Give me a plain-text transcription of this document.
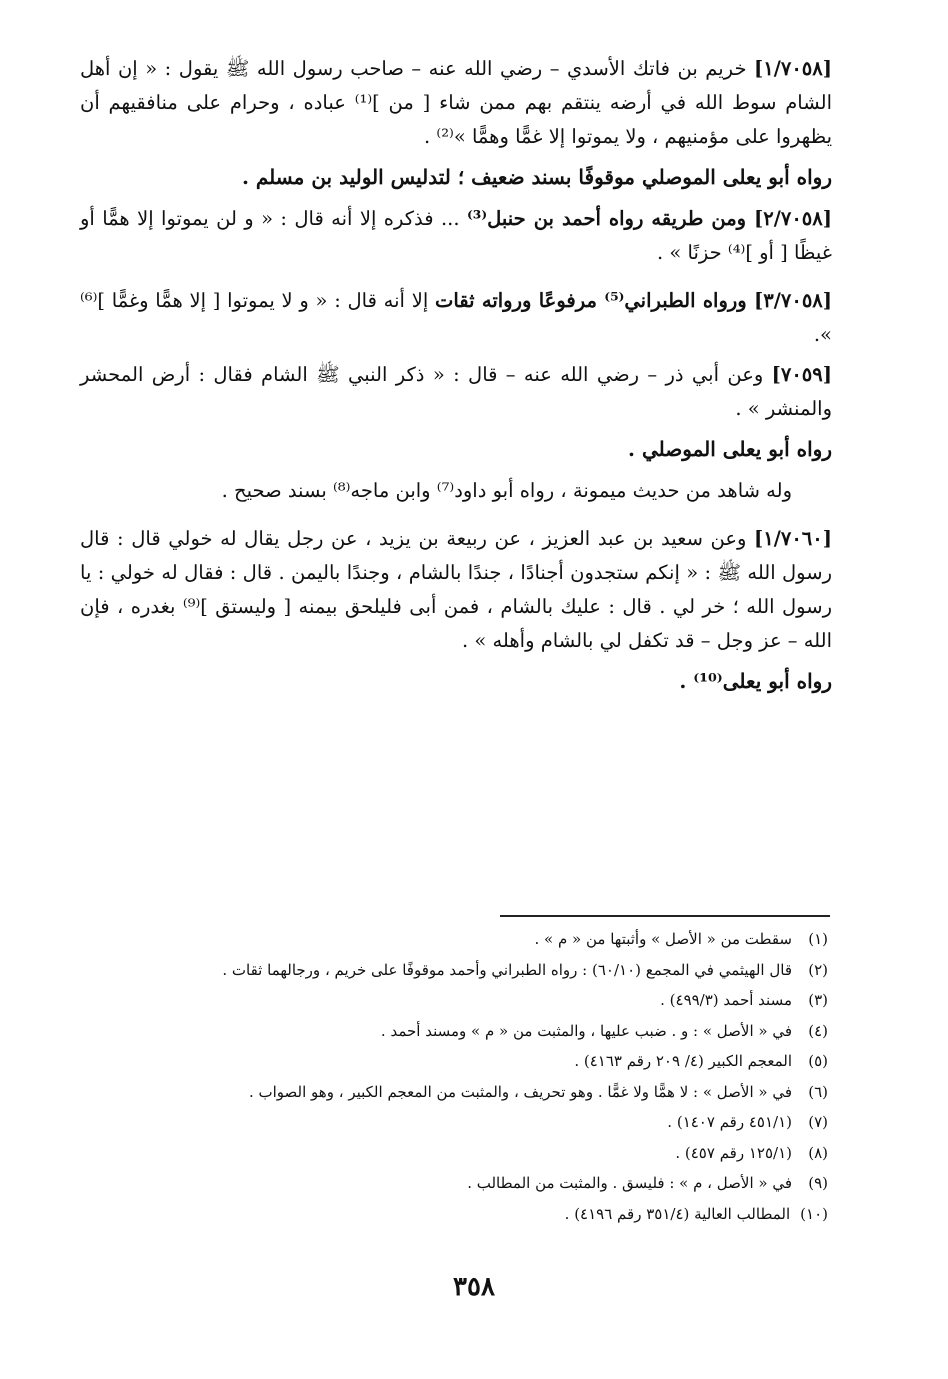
[١/٧٠٥٨] خريم بن فاتك الأسدي – رضي الله عنه – صاحب رسول الله ﷺ يقول : « إن أهل الشام سوط الله في أرضه ينتقم بهم ممن شاء [ من ]⁽¹⁾ عباده ، وحرام على منافقيهم أن يظهروا على مؤمنيهم ، ولا يموتوا إلا غمًّا وهمًّا »⁽²⁾ .

رواه أبو يعلى الموصلي موقوفًا بسند ضعيف ؛ لتدليس الوليد بن مسلم .

[٢/٧٠٥٨] ومن طريقه رواه أحمد بن حنبل⁽³⁾ ... فذكره إلا أنه قال : « و لن يموتوا إلا همًّا أو غيظًا [ أو ]⁽⁴⁾ حزنًا » .

[٣/٧٠٥٨] ورواه الطبراني⁽⁵⁾ مرفوعًا ورواته ثقات إلا أنه قال : « و لا يموتوا [ إلا همًّا وغمًّا ]⁽⁶⁾ ».

[٧٠٥٩] وعن أبي ذر – رضي الله عنه – قال : « ذكر النبي ﷺ الشام فقال : أرض المحشر والمنشر » .

رواه أبو يعلى الموصلي .

وله شاهد من حديث ميمونة ، رواه أبو داود⁽⁷⁾ وابن ماجه⁽⁸⁾ بسند صحيح .

[١/٧٠٦٠] وعن سعيد بن عبد العزيز ، عن ربيعة بن يزيد ، عن رجل يقال له خولي قال : قال رسول الله ﷺ : « إنكم ستجدون أجنادًا ، جندًا بالشام ، وجندًا باليمن . قال : فقال له خولي : يا رسول الله ؛ خر لي . قال : عليك بالشام ، فمن أبى فليلحق بيمنه [ وليستق ]⁽⁹⁾ بغدره ، فإن الله – عز وجل – قد تكفل لي بالشام وأهله » .

رواه أبو يعلى⁽¹⁰⁾ .

(١)
سقطت من « الأصل » وأثبتها من « م » .
(٢)
قال الهيثمي في المجمع (٦٠/١٠) : رواه الطبراني وأحمد موقوفًا على خريم ، ورجالهما ثقات .
(٣)
مسند أحمد (٤٩٩/٣) .
(٤)
في « الأصل » : و . ضبب عليها ، والمثبت من « م » ومسند أحمد .
(٥)
المعجم الكبير (٤/ ٢٠٩ رقم ٤١٦٣) .
(٦)
في « الأصل » : لا همًّا ولا غمًّا . وهو تحريف ، والمثبت من المعجم الكبير ، وهو الصواب .
(٧)
(٤٥١/١ رقم ١٤٠٧) .
(٨)
(١٢٥/١ رقم ٤٥٧) .
(٩)
في « الأصل ، م » : فليسق . والمثبت من المطالب .
(١٠)
المطالب العالية (٣٥١/٤ رقم ٤١٩٦) .
٣٥٨
